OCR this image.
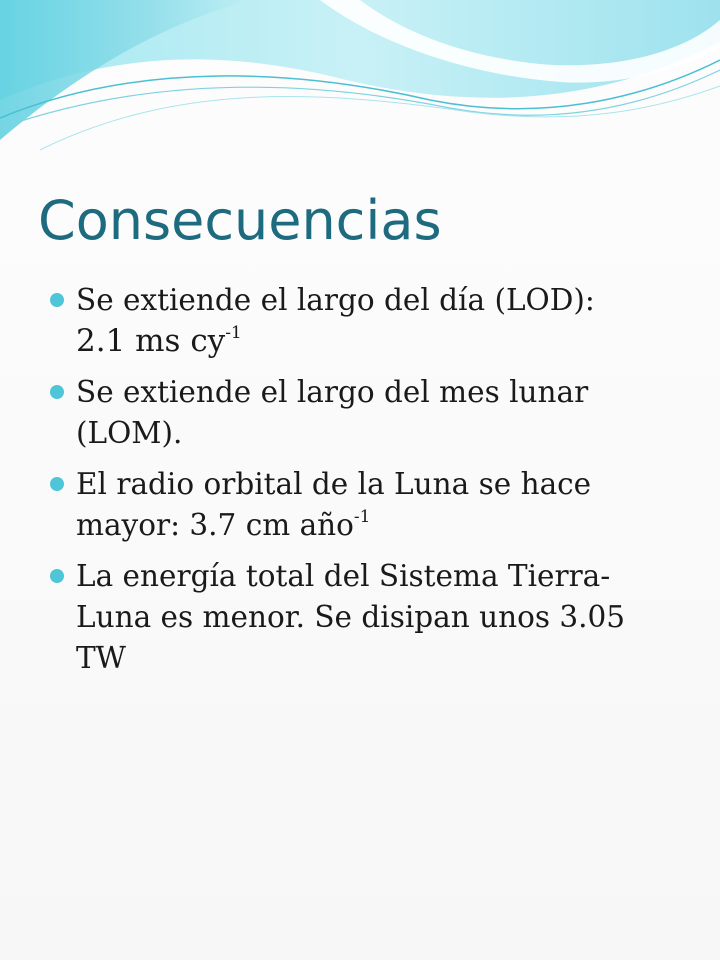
Consecuencias
Se extiende el largo del día (LOD):
2.1 ms $cy^{-1}$
Se extiende el largo del mes lunar (LOM).
El radio orbital de la Luna se hace mayor: 3.7 cm año$^{-1}$
La energía total del Sistema Tierra-Luna es menor. Se disipan unos 3.05 TW
